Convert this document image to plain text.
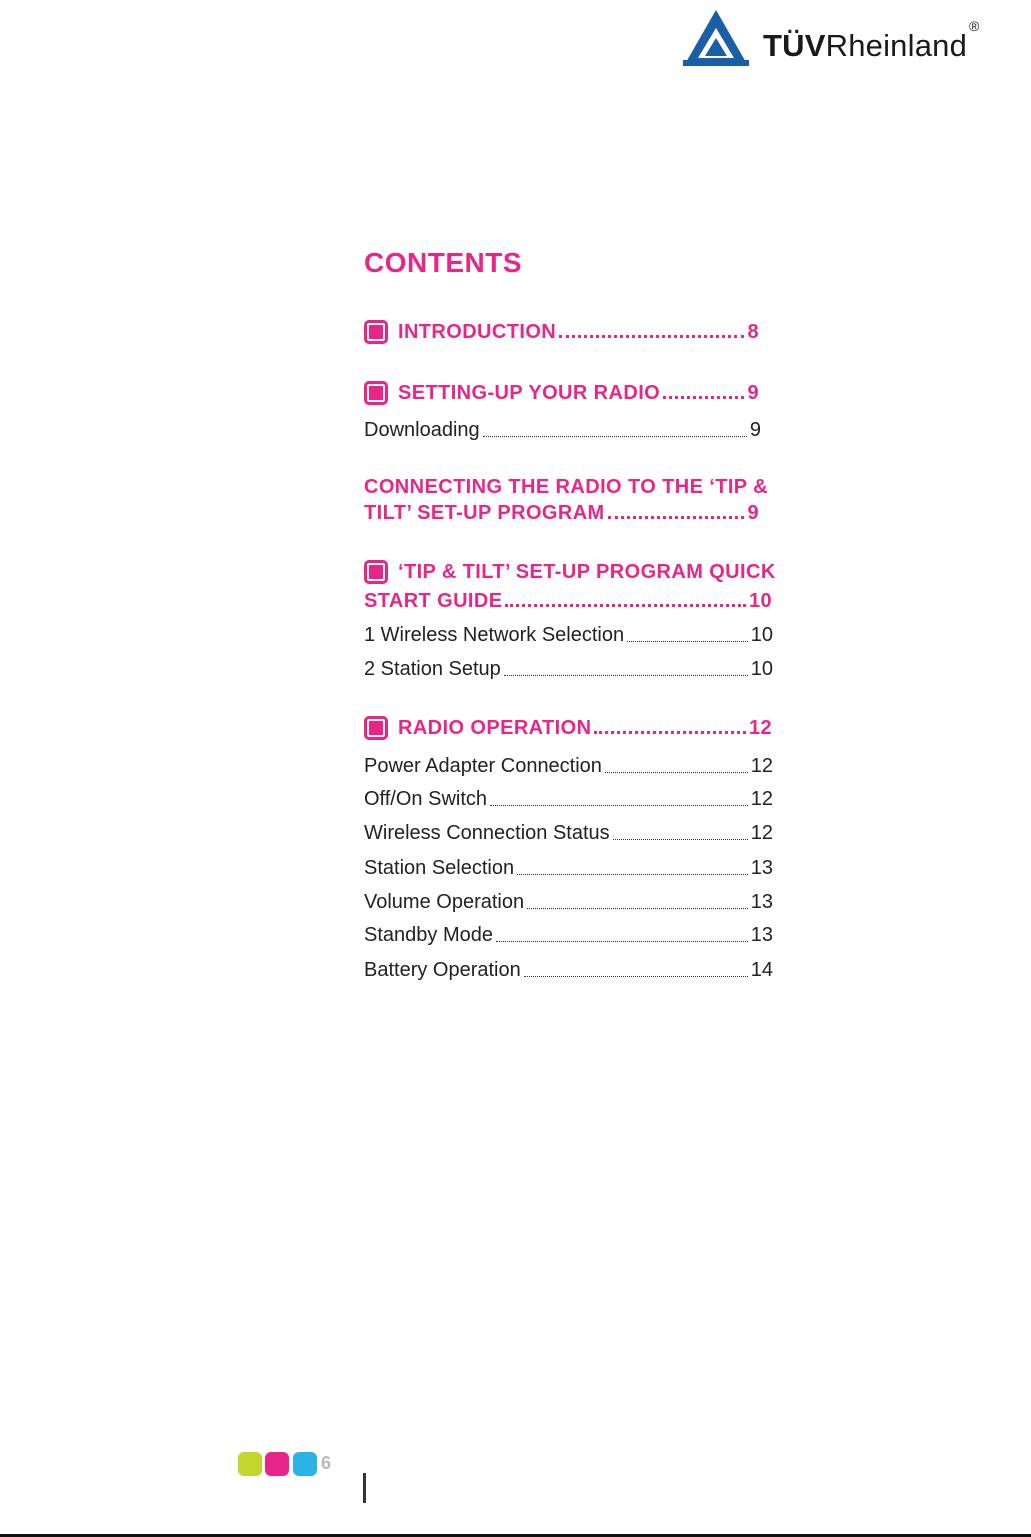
TÜVRheinland®
CONTENTS
INTRODUCTION	8
SETTING-UP YOUR RADIO	9
Downloading	9
CONNECTING THE RADIO TO THE ‘TIP &
TILT’ SET-UP PROGRAM	9
‘TIP & TILT’ SET-UP PROGRAM QUICK
START GUIDE	10
1 Wireless Network Selection	10
2 Station Setup	10
RADIO OPERATION	12
Power Adapter Connection	12
Off/On Switch	12
Wireless Connection Status	12
Station Selection	13
Volume Operation	13
Standby Mode	13
Battery Operation	14
6
